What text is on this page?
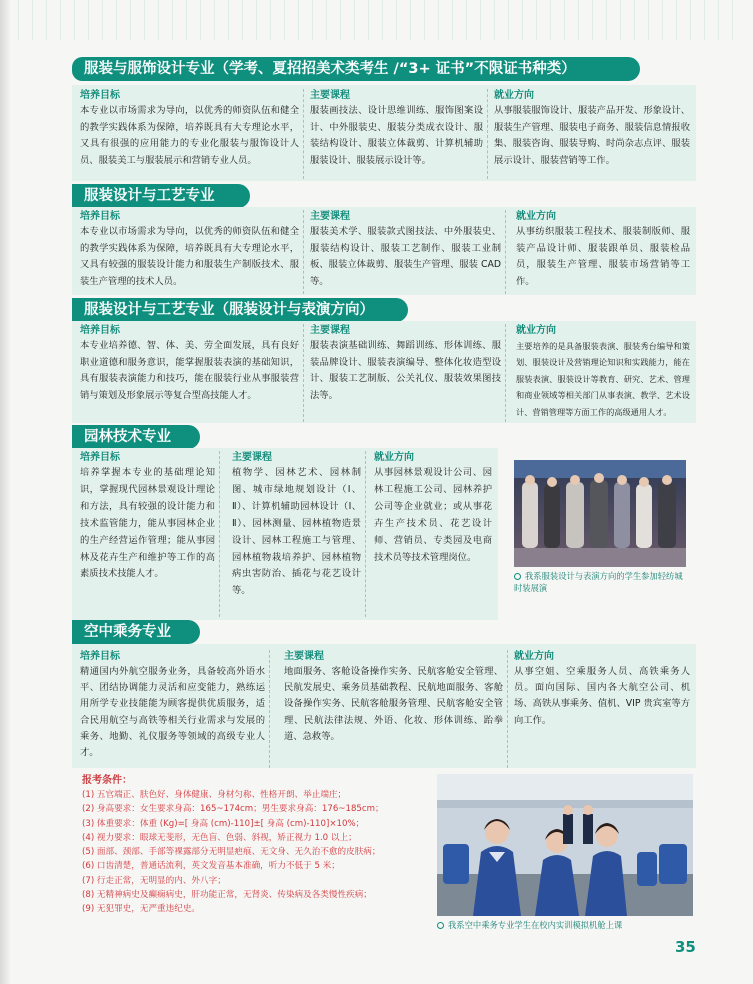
服装与服饰设计专业（学考、夏招招美术类考生 /“3+ 证书”不限证书种类）
培养目标
本专业以市场需求为导向，以优秀的师资队伍和健全的教学实践体系为保障，培养既具有大专理论水平，又具有很强的应用能力的专业化服装与服饰设计人员、服装美工与服装展示和营销专业人员。
主要课程
服装画技法、设计思维训练、服饰图案设计、中外服装史、服装分类成衣设计、服装结构设计、服装立体裁剪、计算机辅助服装设计、服装展示设计等。
就业方向
从事服装服饰设计、服装产品开发、形象设计、服装生产管理、服装电子商务、服装信息情报收集、服装咨询、服装导购、时尚杂志点评、服装展示设计、服装营销等工作。
服装设计与工艺专业
培养目标
本专业以市场需求为导向，以优秀的师资队伍和健全的教学实践体系为保障，培养既具有大专理论水平，又具有较强的服装设计能力和服装生产制版技术、服装生产管理的技术人员。
主要课程
服装美术学、服装款式图技法、中外服装史、服装结构设计、服装工艺制作、服装工业制板、服装立体裁剪、服装生产管理、服装 CAD 等。
就业方向
从事纺织服装工程技术、服装制版师、服装产品设计师、服装跟单员、服装检品员，服装生产管理、服装市场营销等工作。
服装设计与工艺专业（服装设计与表演方向）
培养目标
本专业培养德、智、体、美、劳全面发展，具有良好职业道德和服务意识，能掌握服装表演的基础知识，具有服装表演能力和技巧，能在服装行业从事服装营销与策划及形象展示等复合型高技能人才。
主要课程
服装表演基础训练、舞蹈训练、形体训练、服装品牌设计、服装表演编导、整体化妆造型设计、服装工艺制版、公关礼仪、服装效果图技法等。
就业方向
主要培养的是具备服装表演、服装秀台编导和策划、服装设计及营销理论知识和实践能力，能在服装表演、服装设计等教育、研究、艺术、管理和商业领域等相关部门从事表演、教学、艺术设计、营销管理等方面工作的高级通用人才。
园林技术专业
培养目标
培养掌握本专业的基础理论知识，掌握现代园林景观设计理论和方法，具有较强的设计能力和技术监管能力，能从事园林企业的生产经营运作管理；能从事园林及花卉生产和维护等工作的高素质技术技能人才。
主要课程
植物学、园林艺术、园林制图、城市绿地规划设计（Ⅰ、Ⅱ）、计算机辅助园林设计（Ⅰ、Ⅱ）、园林测量、园林植物造景设计、园林工程施工与管理、园林植物栽培养护、园林植物病虫害防治、插花与花艺设计等。
就业方向
从事园林景观设计公司、园林工程施工公司、园林养护公司等企业就业；或从事花卉生产技术员、花艺设计师、营销员、专类园及电商技术员等技术管理岗位。
我系服装设计与表演方向的学生参加轻纺城时装展演
空中乘务专业
培养目标
精通国内外航空服务业务，具备较高外语水平、团结协调能力灵活和应变能力，熟练运用所学专业技能能为顾客提供优质服务，适合民用航空与高铁等相关行业需求与发展的乘务、地勤、礼仪服务等领域的高级专业人才。
主要课程
地面服务、客舱设备操作实务、民航客舱安全管理、民航发展史、乘务员基础教程、民航地面服务、客舱设备操作实务、民航客舱服务管理、民航客舱安全管理、民航法律法规、外语、化妆、形体训练、跆拳道、急救等。
就业方向
从事空姐、空乘服务人员、高铁乘务人员。面向国际、国内各大航空公司、机场、高铁从事乘务、值机、VIP 贵宾室等方向工作。
报考条件：
(1) 五官端正、肤色好、身体健康、身材匀称、性格开朗、举止端庄；
(2) 身高要求：女生要求身高：165~174cm；男生要求身高：176~185cm；
(3) 体重要求：体重 (Kg)=[ 身高 (cm)-110]±[ 身高 (cm)-110]×10%；
(4) 视力要求：眼球无斐形，无色盲、色弱、斜视，矫正视力 1.0 以上；
(5) 面部、颈部、手部等裸露部分无明显疤痕、无文身、无久治不愈的皮肤病；
(6) 口齿清楚，普通话流利，英文发音基本准确，听力不低于 5 米；
(7) 行走正常，无明显的内、外八字；
(8) 无精神病史及癫痫病史，肝功能正常，无肾炎、传染病及各类慢性疾病；
(9) 无犯罪史，无严重违纪史。
我系空中乘务专业学生在校内实训模拟机舱上课
35
